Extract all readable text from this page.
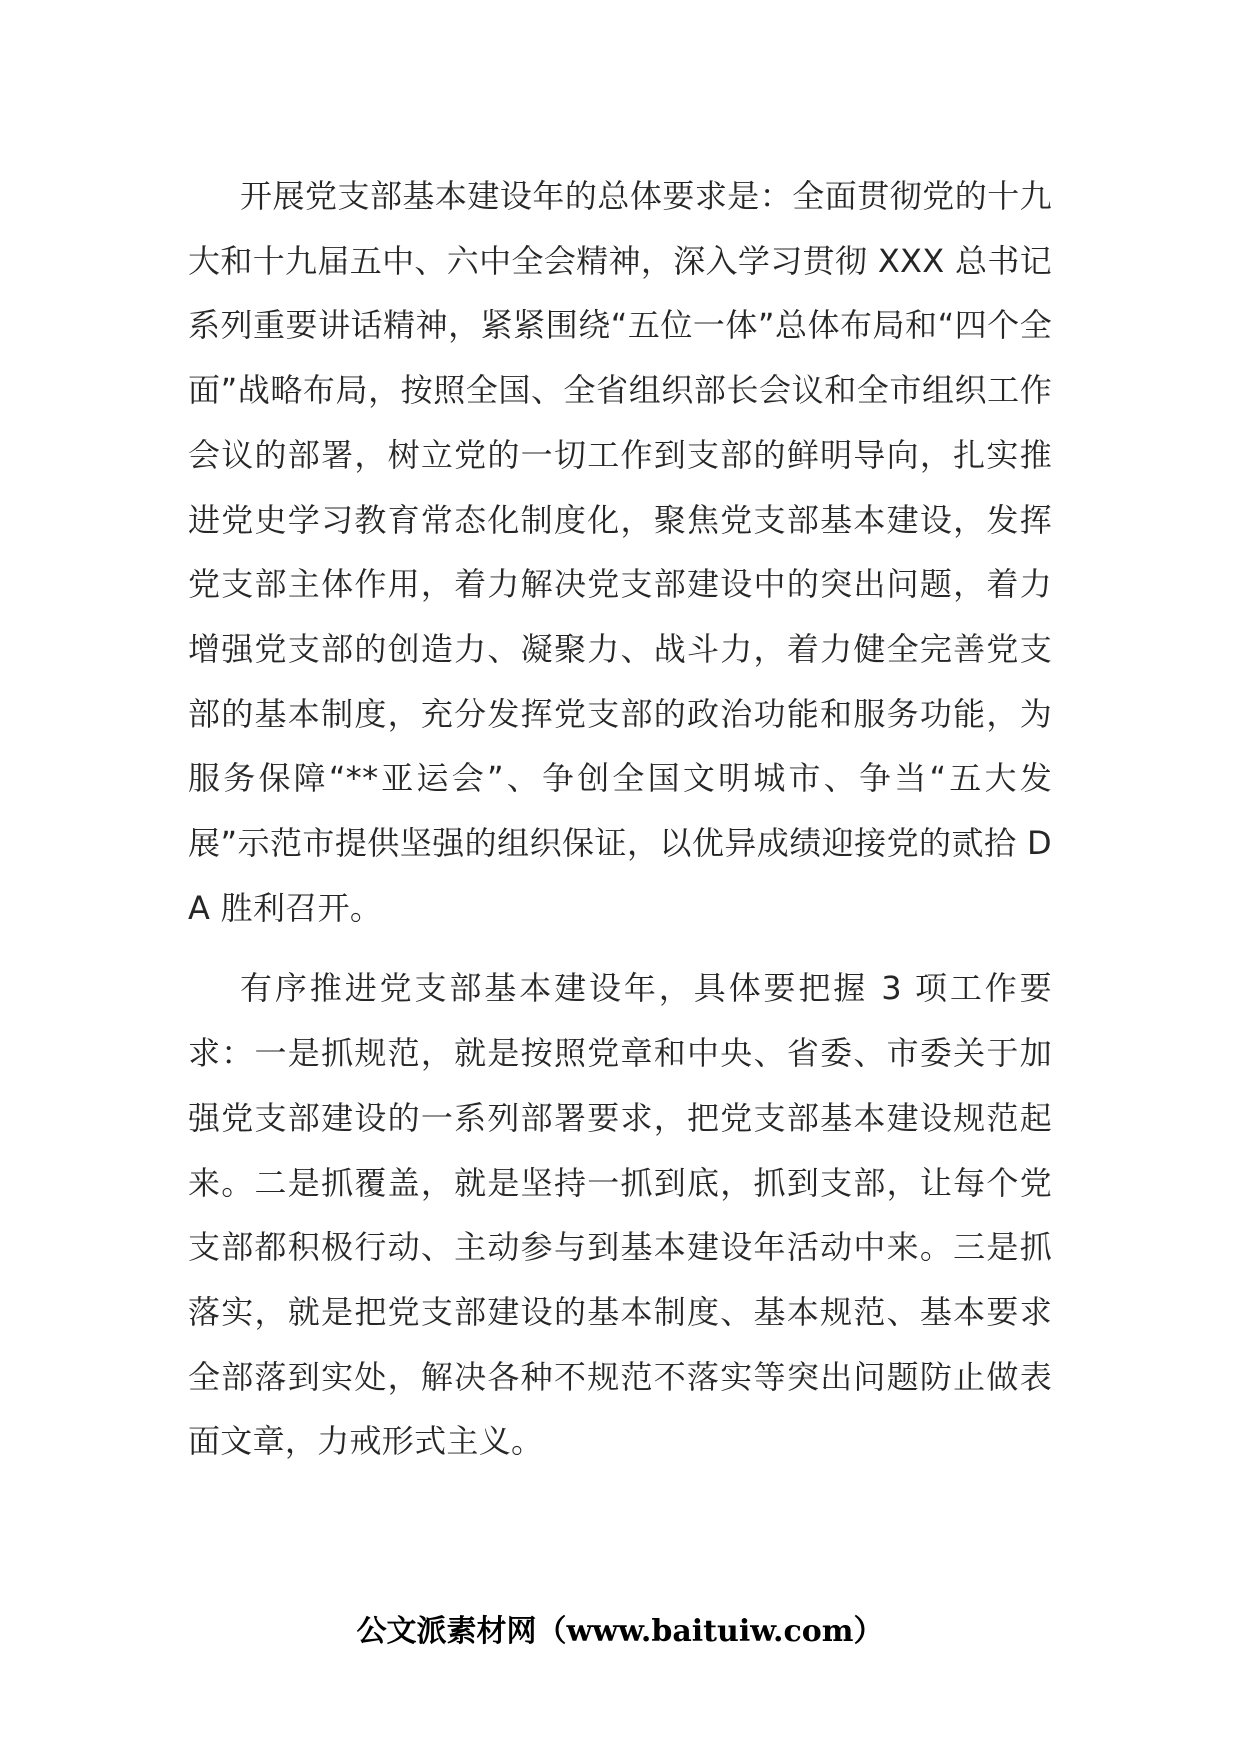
开展党支部基本建设年的总体要求是：全面贯彻党的十九大和十九届五中、六中全会精神，深入学习贯彻 XXX 总书记系列重要讲话精神，紧紧围绕“五位一体”总体布局和“四个全面”战略布局，按照全国、全省组织部长会议和全市组织工作会议的部署，树立党的一切工作到支部的鲜明导向，扎实推进党史学习教育常态化制度化，聚焦党支部基本建设，发挥党支部主体作用，着力解决党支部建设中的突出问题，着力增强党支部的创造力、凝聚力、战斗力，着力健全完善党支部的基本制度，充分发挥党支部的政治功能和服务功能，为服务保障“**亚运会”、争创全国文明城市、争当“五大发展”示范市提供坚强的组织保证，以优异成绩迎接党的贰拾 DA 胜利召开。

有序推进党支部基本建设年，具体要把握 3 项工作要求：一是抓规范，就是按照党章和中央、省委、市委关于加强党支部建设的一系列部署要求，把党支部基本建设规范起来。二是抓覆盖，就是坚持一抓到底，抓到支部，让每个党支部都积极行动、主动参与到基本建设年活动中来。三是抓落实，就是把党支部建设的基本制度、基本规范、基本要求全部落到实处，解决各种不规范不落实等突出问题防止做表面文章，力戒形式主义。

公文派素材网（www.baituiw.com）
